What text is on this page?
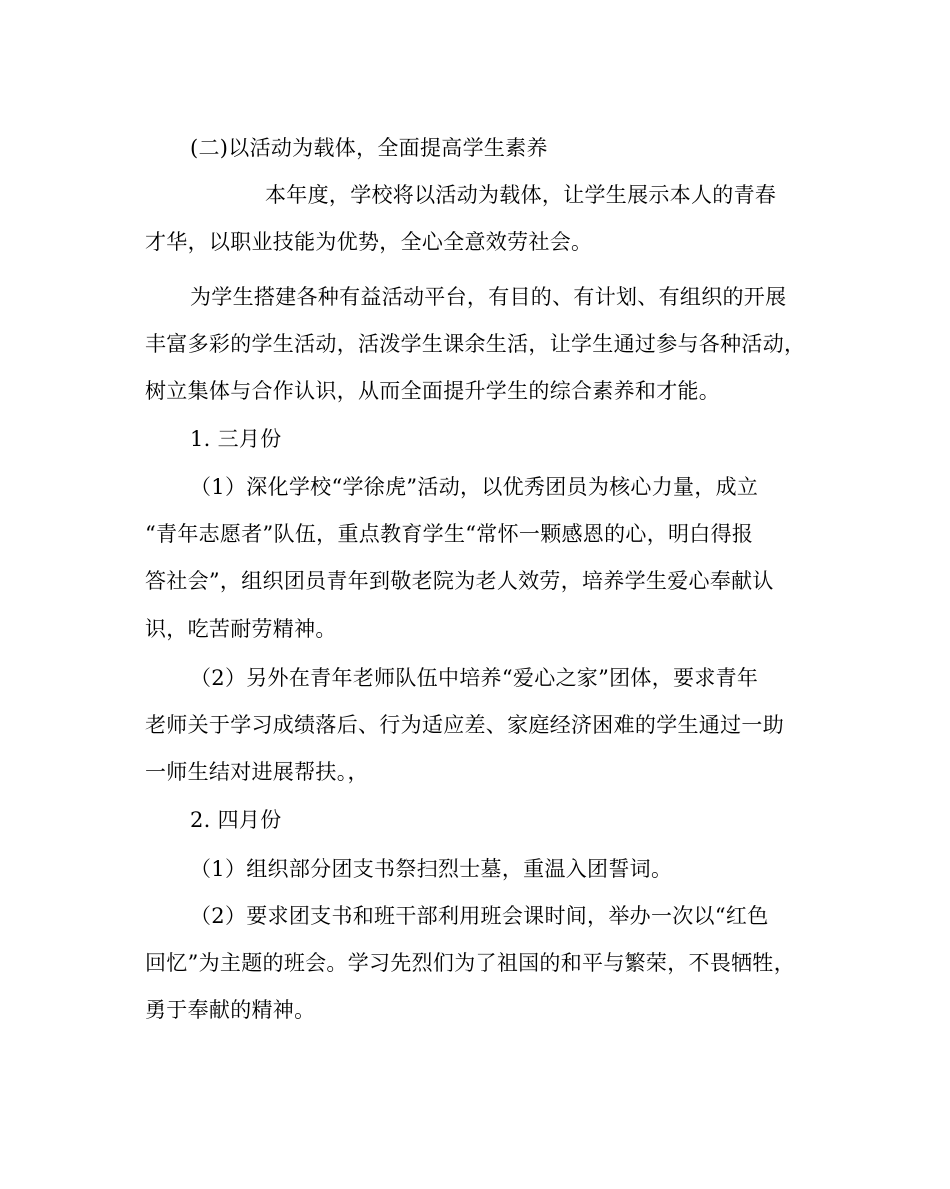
(二)以活动为载体，全面提高学生素养
本年度，学校将以活动为载体，让学生展示本人的青春
才华，以职业技能为优势，全心全意效劳社会。
为学生搭建各种有益活动平台，有目的、有计划、有组织的开展
丰富多彩的学生活动，活泼学生课余生活，让学生通过参与各种活动，
树立集体与合作认识，从而全面提升学生的综合素养和才能。
1. 三月份
（1）深化学校“学徐虎”活动，以优秀团员为核心力量，成立
“青年志愿者”队伍，重点教育学生“常怀一颗感恩的心，明白得报
答社会”，组织团员青年到敬老院为老人效劳，培养学生爱心奉献认
识，吃苦耐劳精神。
（2）另外在青年老师队伍中培养“爱心之家”团体，要求青年
老师关于学习成绩落后、行为适应差、家庭经济困难的学生通过一助
一师生结对进展帮扶。，
2. 四月份
（1）组织部分团支书祭扫烈士墓，重温入团誓词。
（2）要求团支书和班干部利用班会课时间，举办一次以“红色
回忆”为主题的班会。学习先烈们为了祖国的和平与繁荣，不畏牺牲，
勇于奉献的精神。
